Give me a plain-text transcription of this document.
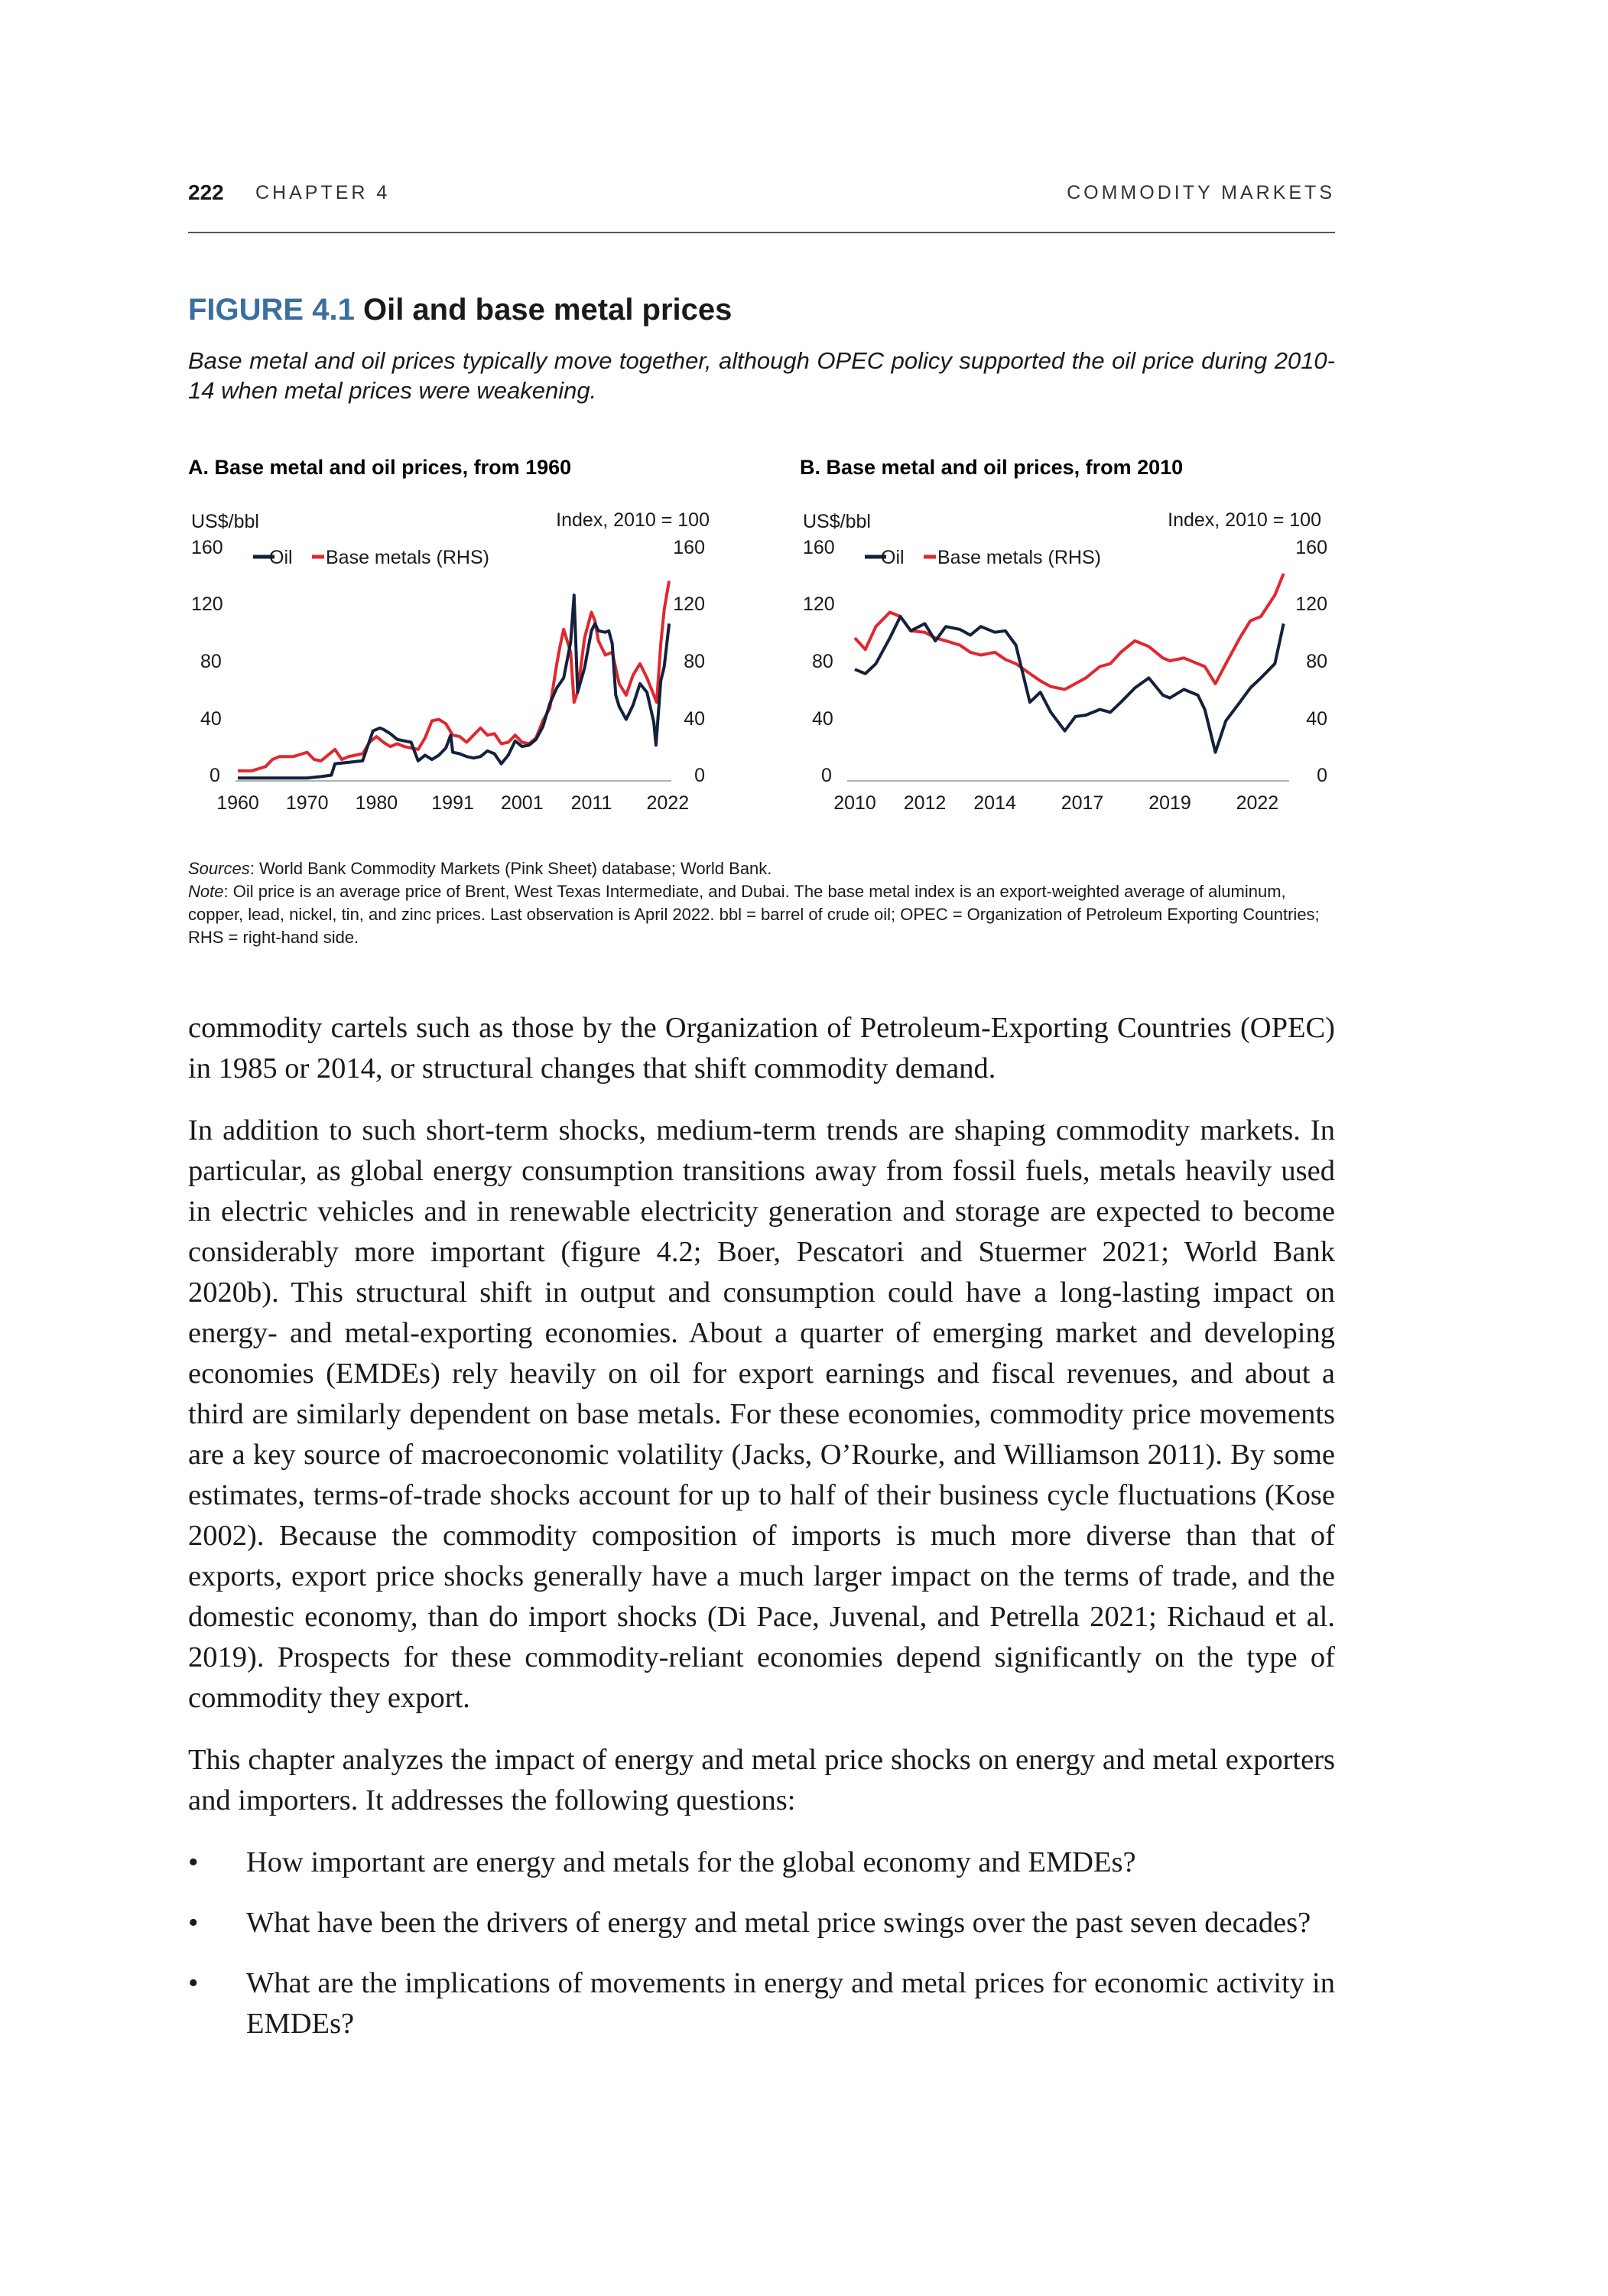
222 CHAPTER 4	COMMODITY MARKETS
FIGURE 4.1 Oil and base metal prices
Base metal and oil prices typically move together, although OPEC policy supported the oil price during 2010-14 when metal prices were weakening.
A. Base metal and oil prices, from 1960
US$/bbl	Index, 2010 = 100
160
120
80
40
0
160
120
80
40
0
Oil Base metals (RHS)
1960 1970 1980 1991 2001 2011 2022
B. Base metal and oil prices, from 2010
US$/bbl	Index, 2010 = 100
160
120
80
40
0
160
120
80
40
0
Oil Base metals (RHS)
2010 2012 2014 2017 2019 2022

Sources: World Bank Commodity Markets (Pink Sheet) database; World Bank.

Note: Oil price is an average price of Brent, West Texas Intermediate, and Dubai. The base metal index is an export-weighted average of aluminum, copper, lead, nickel, tin, and zinc prices. Last observation is April 2022. bbl = barrel of crude oil; OPEC = Organization of Petroleum Exporting Countries; RHS = right-hand side.

commodity cartels such as those by the Organization of Petroleum-Exporting Countries (OPEC) in 1985 or 2014, or structural changes that shift commodity demand.

In addition to such short-term shocks, medium-term trends are shaping commodity markets. In particular, as global energy consumption transitions away from fossil fuels, metals heavily used in electric vehicles and in renewable electricity generation and storage are expected to become considerably more important (figure 4.2; Boer, Pescatori and Stuermer 2021; World Bank 2020b). This structural shift in output and consumption could have a long-lasting impact on energy- and metal-exporting economies. About a quarter of emerging market and developing economies (EMDEs) rely heavily on oil for export earnings and fiscal revenues, and about a third are similarly dependent on base metals. For these economies, commodity price movements are a key source of macroeconomic volatility (Jacks, O’Rourke, and Williamson 2011). By some estimates, terms-of-trade shocks account for up to half of their business cycle fluctuations (Kose 2002). Because the commodity composition of imports is much more diverse than that of exports, export price shocks generally have a much larger impact on the terms of trade, and the domestic economy, than do import shocks (Di Pace, Juvenal, and Petrella 2021; Richaud et al. 2019). Prospects for these commodity-reliant economies depend significantly on the type of commodity they export.

This chapter analyzes the impact of energy and metal price shocks on energy and metal exporters and importers. It addresses the following questions:

• How important are energy and metals for the global economy and EMDEs?
• What have been the drivers of energy and metal price swings over the past seven decades?
• What are the implications of movements in energy and metal prices for economic activity in EMDEs?
